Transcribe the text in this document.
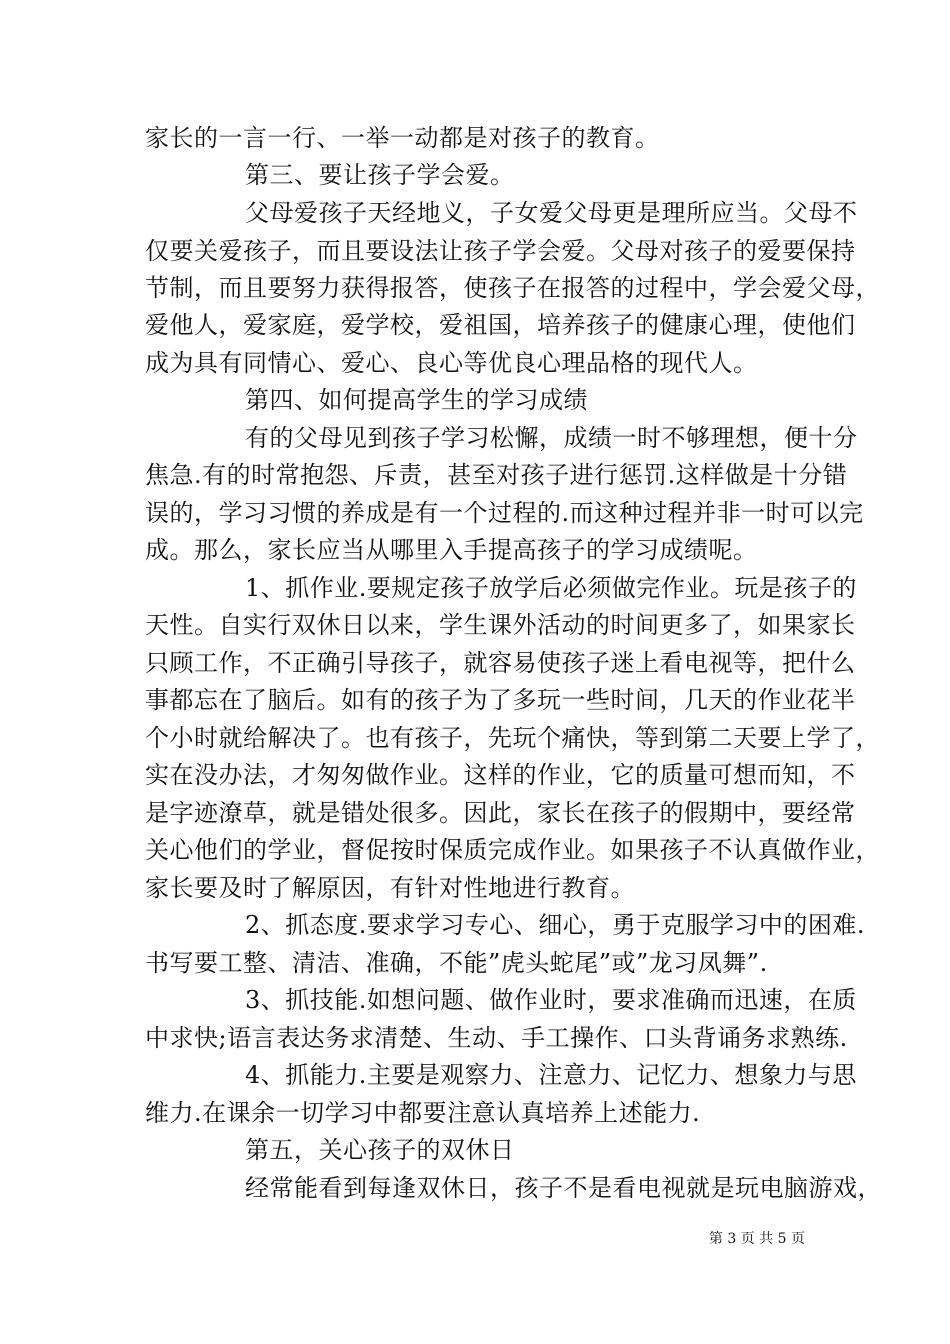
家长的一言一行、一举一动都是对孩子的教育。
第三、要让孩子学会爱。
父母爱孩子天经地义，子女爱父母更是理所应当。父母不
仅要关爱孩子，而且要设法让孩子学会爱。父母对孩子的爱要保持
节制，而且要努力获得报答，使孩子在报答的过程中，学会爱父母，
爱他人，爱家庭，爱学校，爱祖国，培养孩子的健康心理，使他们
成为具有同情心、爱心、良心等优良心理品格的现代人。
第四、如何提高学生的学习成绩
有的父母见到孩子学习松懈，成绩一时不够理想，便十分
焦急.有的时常抱怨、斥责，甚至对孩子进行惩罚.这样做是十分错
误的，学习习惯的养成是有一个过程的.而这种过程并非一时可以完
成。那么，家长应当从哪里入手提高孩子的学习成绩呢。
1、抓作业.要规定孩子放学后必须做完作业。玩是孩子的
天性。自实行双休日以来，学生课外活动的时间更多了，如果家长
只顾工作，不正确引导孩子，就容易使孩子迷上看电视等，把什么
事都忘在了脑后。如有的孩子为了多玩一些时间，几天的作业花半
个小时就给解决了。也有孩子，先玩个痛快，等到第二天要上学了，
实在没办法，才匆匆做作业。这样的作业，它的质量可想而知，不
是字迹潦草，就是错处很多。因此，家长在孩子的假期中，要经常
关心他们的学业，督促按时保质完成作业。如果孩子不认真做作业，
家长要及时了解原因，有针对性地进行教育。
2、抓态度.要求学习专心、细心，勇于克服学习中的困难.
书写要工整、清洁、准确，不能”虎头蛇尾”或”龙习凤舞”.
3、抓技能.如想问题、做作业时，要求准确而迅速，在质
中求快;语言表达务求清楚、生动、手工操作、口头背诵务求熟练.
4、抓能力.主要是观察力、注意力、记忆力、想象力与思
维力.在课余一切学习中都要注意认真培养上述能力.
第五，关心孩子的双休日
经常能看到每逢双休日，孩子不是看电视就是玩电脑游戏，
第 3 页 共 5 页
